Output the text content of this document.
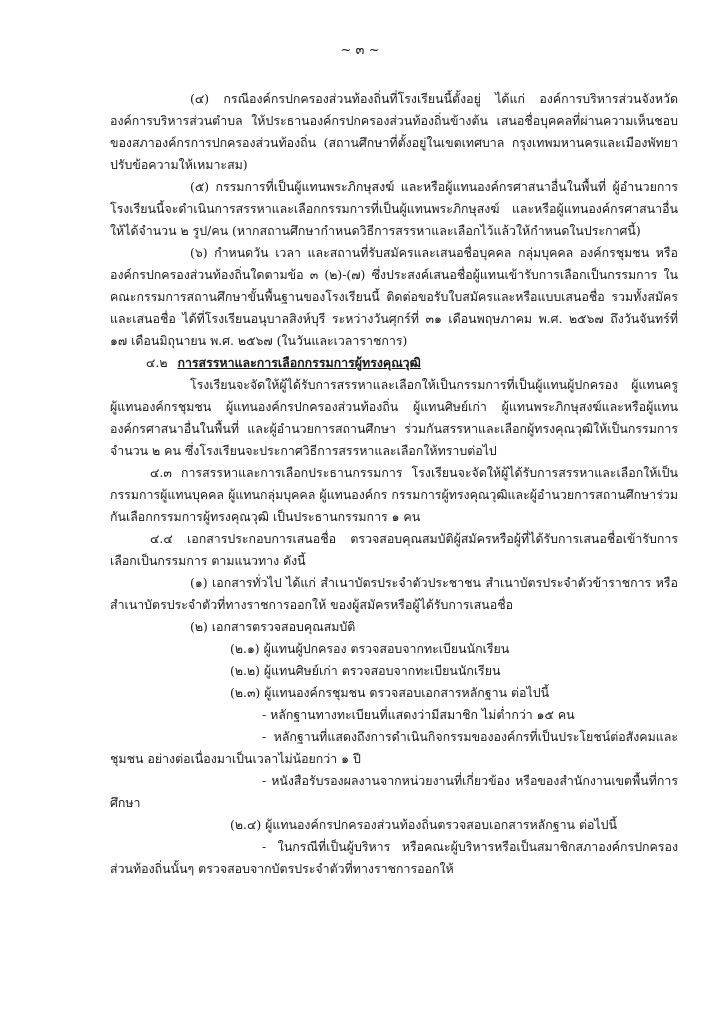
~ ๓ ~

(๔) กรณีองค์กรปกครองส่วนท้องถิ่นที่โรงเรียนนี้ตั้งอยู่ ได้แก่ องค์การบริหารส่วนจังหวัด องค์การบริหารส่วนตำบล ให้ประธานองค์กรปกครองส่วนท้องถิ่นข้างต้น เสนอชื่อบุคคลที่ผ่านความเห็นชอบของสภาองค์กรการปกครองส่วนท้องถิ่น (สถานศึกษาที่ตั้งอยู่ในเขตเทศบาล กรุงเทพมหานครและเมืองพัทยาปรับข้อความให้เหมาะสม)

(๕) กรรมการที่เป็นผู้แทนพระภิกษุสงฆ์ และหรือผู้แทนองค์กรศาสนาอื่นในพื้นที่ ผู้อำนวยการโรงเรียนนี้จะดำเนินการสรรหาและเลือกกรรมการที่เป็นผู้แทนพระภิกษุสงฆ์ และหรือผู้แทนองค์กรศาสนาอื่นให้ได้จำนวน ๒ รูป/คน (หากสถานศึกษากำหนดวิธีการสรรหาและเลือกไว้แล้วให้กำหนดในประกาศนี้)

(๖) กำหนดวัน เวลา และสถานที่รับสมัครและเสนอชื่อบุคคล กลุ่มบุคคล องค์กรชุมชน หรือองค์กรปกครองส่วนท้องถิ่นใดตามข้อ ๓ (๒)-(๗) ซึ่งประสงค์เสนอชื่อผู้แทนเข้ารับการเลือกเป็นกรรมการ ในคณะกรรมการสถานศึกษาขั้นพื้นฐานของโรงเรียนนี้ ติดต่อขอรับใบสมัครและหรือแบบเสนอชื่อ รวมทั้งสมัครและเสนอชื่อ ได้ที่โรงเรียนอนุบาลสิงห์บุรี ระหว่างวันศุกร์ที่ ๓๑ เดือนพฤษภาคม พ.ศ. ๒๕๖๗ ถึงวันจันทร์ที่ ๑๗ เดือนมิถุนายน พ.ศ. ๒๕๖๗ (ในวันและเวลาราชการ)

๔.๒ การสรรหาและการเลือกกรรมการผู้ทรงคุณวุฒิ

โรงเรียนจะจัดให้ผู้ได้รับการสรรหาและเลือกให้เป็นกรรมการที่เป็นผู้แทนผู้ปกครอง ผู้แทนครู ผู้แทนองค์กรชุมชน ผู้แทนองค์กรปกครองส่วนท้องถิ่น ผู้แทนศิษย์เก่า ผู้แทนพระภิกษุสงฆ์และหรือผู้แทน องค์กรศาสนาอื่นในพื้นที่ และผู้อำนวยการสถานศึกษา ร่วมกันสรรหาและเลือกผู้ทรงคุณวุฒิให้เป็นกรรมการ จำนวน ๒ คน ซึ่งโรงเรียนจะประกาศวิธีการสรรหาและเลือกให้ทราบต่อไป

๔.๓ การสรรหาและการเลือกประธานกรรมการ โรงเรียนจะจัดให้ผู้ได้รับการสรรหาและเลือกให้เป็นกรรมการผู้แทนบุคคล ผู้แทนกลุ่มบุคคล ผู้แทนองค์กร กรรมการผู้ทรงคุณวุฒิและผู้อำนวยการสถานศึกษาร่วมกันเลือกกรรมการผู้ทรงคุณวุฒิ เป็นประธานกรรมการ ๑ คน

๔.๔ เอกสารประกอบการเสนอชื่อ ตรวจสอบคุณสมบัติผู้สมัครหรือผู้ที่ได้รับการเสนอชื่อเข้ารับการเลือกเป็นกรรมการ ตามแนวทาง ดังนี้

(๑) เอกสารทั่วไป ได้แก่ สำเนาบัตรประจำตัวประชาชน สำเนาบัตรประจำตัวข้าราชการ หรือสำเนาบัตรประจำตัวที่ทางราชการออกให้ ของผู้สมัครหรือผู้ได้รับการเสนอชื่อ

(๒) เอกสารตรวจสอบคุณสมบัติ

(๒.๑) ผู้แทนผู้ปกครอง ตรวจสอบจากทะเบียนนักเรียน

(๒.๒) ผู้แทนศิษย์เก่า ตรวจสอบจากทะเบียนนักเรียน

(๒.๓) ผู้แทนองค์กรชุมชน ตรวจสอบเอกสารหลักฐาน ต่อไปนี้

- หลักฐานทางทะเบียนที่แสดงว่ามีสมาชิก ไม่ต่ำกว่า ๑๕ คน

- หลักฐานที่แสดงถึงการดำเนินกิจกรรมขององค์กรที่เป็นประโยชน์ต่อสังคมและชุมชน อย่างต่อเนื่องมาเป็นเวลาไม่น้อยกว่า ๑ ปี

- หนังสือรับรองผลงานจากหน่วยงานที่เกี่ยวข้อง หรือของสำนักงานเขตพื้นที่การศึกษา

(๒.๔) ผู้แทนองค์กรปกครองส่วนท้องถิ่นตรวจสอบเอกสารหลักฐาน ต่อไปนี้

- ในกรณีที่เป็นผู้บริหาร หรือคณะผู้บริหารหรือเป็นสมาชิกสภาองค์กรปกครองส่วนท้องถิ่นนั้นๆ ตรวจสอบจากบัตรประจำตัวที่ทางราชการออกให้
